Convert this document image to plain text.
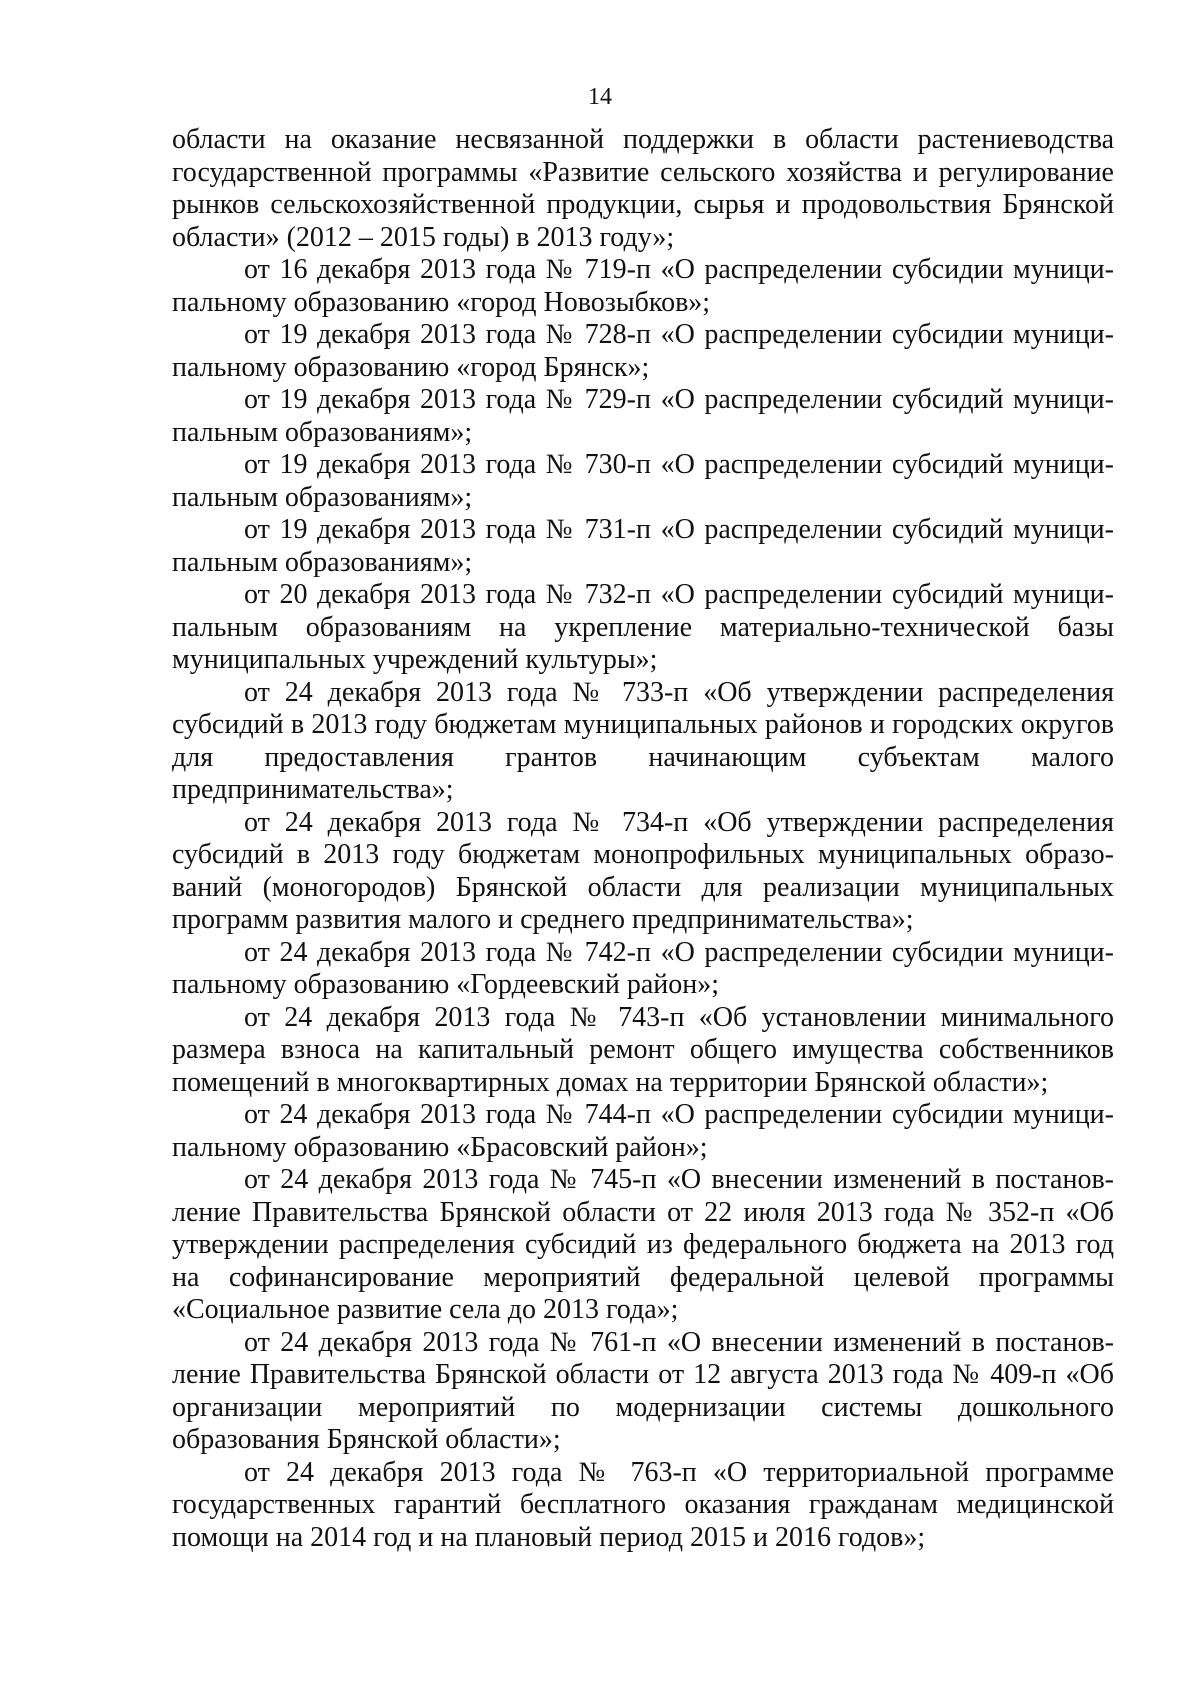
14

области на оказание несвязанной поддержки в области растениеводства государственной программы «Развитие сельского хозяйства и регулирование рынков сельскохозяйственной продукции, сырья и продовольствия Брянской области» (2012 – 2015 годы) в 2013 году»;

от 16 декабря 2013 года № 719-п «О распределении субсидии муниципальному образованию «город Новозыбков»;

от 19 декабря 2013 года № 728-п «О распределении субсидии муниципальному образованию «город Брянск»;

от 19 декабря 2013 года № 729-п «О распределении субсидий муниципальным образованиям»;

от 19 декабря 2013 года № 730-п «О распределении субсидий муниципальным образованиям»;

от 19 декабря 2013 года № 731-п «О распределении субсидий муниципальным образованиям»;

от 20 декабря 2013 года № 732-п «О распределении субсидий муниципальным образованиям на укрепление материально-технической базы муниципальных учреждений культуры»;

от 24 декабря 2013 года № 733-п «Об утверждении распределения субсидий в 2013 году бюджетам муниципальных районов и городских округов для предоставления грантов начинающим субъектам малого предпринимательства»;

от 24 декабря 2013 года № 734-п «Об утверждении распределения субсидий в 2013 году бюджетам монопрофильных муниципальных образований (моногородов) Брянской области для реализации муниципальных программ развития малого и среднего предпринимательства»;

от 24 декабря 2013 года № 742-п «О распределении субсидии муниципальному образованию «Гордеевский район»;

от 24 декабря 2013 года № 743-п «Об установлении минимального размера взноса на капитальный ремонт общего имущества собственников помещений в многоквартирных домах на территории Брянской области»;

от 24 декабря 2013 года № 744-п «О распределении субсидии муниципальному образованию «Брасовский район»;

от 24 декабря 2013 года № 745-п «О внесении изменений в постановление Правительства Брянской области от 22 июля 2013 года № 352-п «Об утверждении распределения субсидий из федерального бюджета на 2013 год на софинансирование мероприятий федеральной целевой программы «Социальное развитие села до 2013 года»;

от 24 декабря 2013 года № 761-п «О внесении изменений в постановление Правительства Брянской области от 12 августа 2013 года № 409-п «Об организации мероприятий по модернизации системы дошкольного образования Брянской области»;

от 24 декабря 2013 года № 763-п «О территориальной программе государственных гарантий бесплатного оказания гражданам медицинской помощи на 2014 год и на плановый период 2015 и 2016 годов»;
